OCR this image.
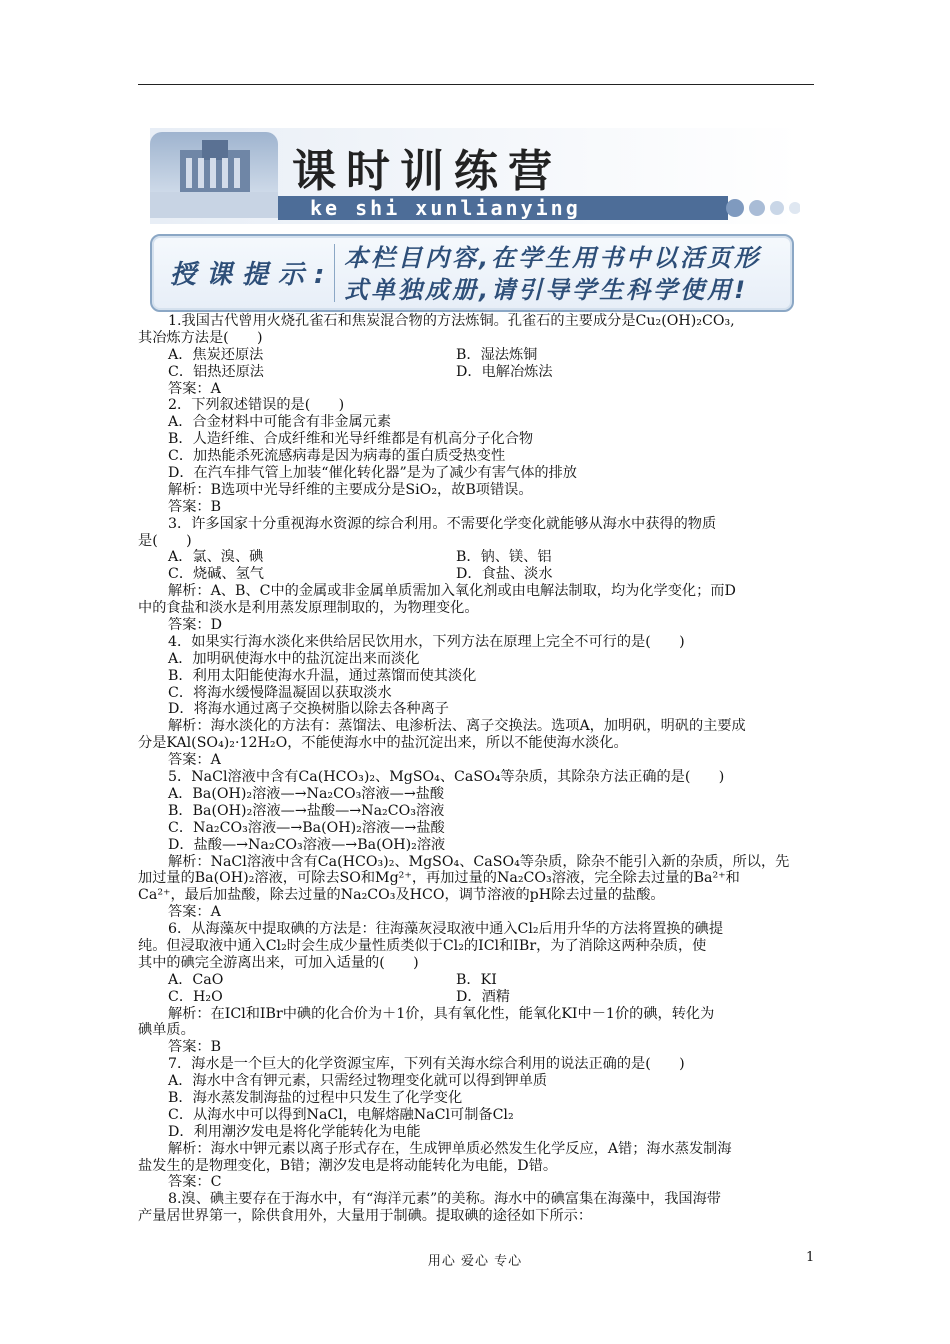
课时训练营
ke shi xunlianying
授课提示:
本栏目内容,在学生用书中以活页形式单独成册,请引导学生科学使用!
1.我国古代曾用火烧孔雀石和焦炭混合物的方法炼铜。孔雀石的主要成分是Cu₂(OH)₂CO₃,
其冶炼方法是(　　)
A．焦炭还原法	B．湿法炼铜
C．铝热还原法	D．电解冶炼法
答案：A
2．下列叙述错误的是(　　)
A．合金材料中可能含有非金属元素
B．人造纤维、合成纤维和光导纤维都是有机高分子化合物
C．加热能杀死流感病毒是因为病毒的蛋白质受热变性
D．在汽车排气管上加装“催化转化器”是为了减少有害气体的排放
解析：B选项中光导纤维的主要成分是SiO₂，故B项错误。
答案：B
3．许多国家十分重视海水资源的综合利用。不需要化学变化就能够从海水中获得的物质
是(　　)
A．氯、溴、碘	B．钠、镁、铝
C．烧碱、氢气	D．食盐、淡水
解析：A、B、C中的金属或非金属单质需加入氧化剂或由电解法制取，均为化学变化；而D
中的食盐和淡水是利用蒸发原理制取的，为物理变化。
答案：D
4．如果实行海水淡化来供给居民饮用水，下列方法在原理上完全不可行的是(　　)
A．加明矾使海水中的盐沉淀出来而淡化
B．利用太阳能使海水升温，通过蒸馏而使其淡化
C．将海水缓慢降温凝固以获取淡水
D．将海水通过离子交换树脂以除去各种离子
解析：海水淡化的方法有：蒸馏法、电渗析法、离子交换法。选项A，加明矾，明矾的主要成
分是KAl(SO₄)₂·12H₂O，不能使海水中的盐沉淀出来，所以不能使海水淡化。
答案：A
5．NaCl溶液中含有Ca(HCO₃)₂、MgSO₄、CaSO₄等杂质，其除杂方法正确的是(　　)
A．Ba(OH)₂溶液—→Na₂CO₃溶液—→盐酸
B．Ba(OH)₂溶液—→盐酸—→Na₂CO₃溶液
C．Na₂CO₃溶液—→Ba(OH)₂溶液—→盐酸
D．盐酸—→Na₂CO₃溶液—→Ba(OH)₂溶液
解析：NaCl溶液中含有Ca(HCO₃)₂、MgSO₄、CaSO₄等杂质，除杂不能引入新的杂质，所以，先
加过量的Ba(OH)₂溶液，可除去SO和Mg²⁺，再加过量的Na₂CO₃溶液，完全除去过量的Ba²⁺和
Ca²⁺，最后加盐酸，除去过量的Na₂CO₃及HCO，调节溶液的pH除去过量的盐酸。
答案：A
6．从海藻灰中提取碘的方法是：往海藻灰浸取液中通入Cl₂后用升华的方法将置换的碘提
纯。但浸取液中通入Cl₂时会生成少量性质类似于Cl₂的ICl和IBr，为了消除这两种杂质，使
其中的碘完全游离出来，可加入适量的(　　)
A．CaO	B．KI
C．H₂O	D．酒精
解析：在ICl和IBr中碘的化合价为＋1价，具有氧化性，能氧化KI中－1价的碘，转化为
碘单质。
答案：B
7．海水是一个巨大的化学资源宝库，下列有关海水综合利用的说法正确的是(　　)
A．海水中含有钾元素，只需经过物理变化就可以得到钾单质
B．海水蒸发制海盐的过程中只发生了化学变化
C．从海水中可以得到NaCl，电解熔融NaCl可制备Cl₂
D．利用潮汐发电是将化学能转化为电能
解析：海水中钾元素以离子形式存在，生成钾单质必然发生化学反应，A错；海水蒸发制海
盐发生的是物理变化，B错；潮汐发电是将动能转化为电能，D错。
答案：C
8.溴、碘主要存在于海水中，有“海洋元素”的美称。海水中的碘富集在海藻中，我国海带
产量居世界第一，除供食用外，大量用于制碘。提取碘的途径如下所示：
用心 爱心 专心	1
